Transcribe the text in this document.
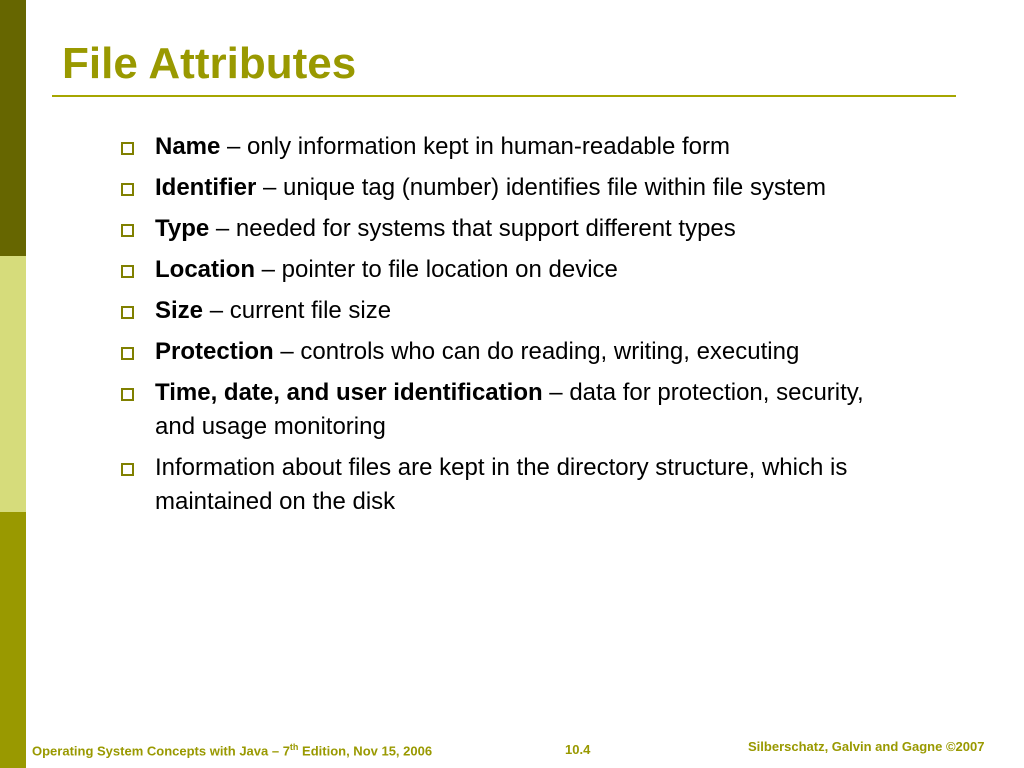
File Attributes
Name – only information kept in human-readable form
Identifier – unique tag (number) identifies file within file system
Type – needed for systems that support different types
Location – pointer to file location on device
Size – current file size
Protection – controls who can do reading, writing, executing
Time, date, and user identification – data for protection, security, and usage monitoring
Information about files are kept in the directory structure, which is maintained on the disk
Operating System Concepts with Java – 7th Edition, Nov 15, 2006	10.4	Silberschatz, Galvin and Gagne ©2007
